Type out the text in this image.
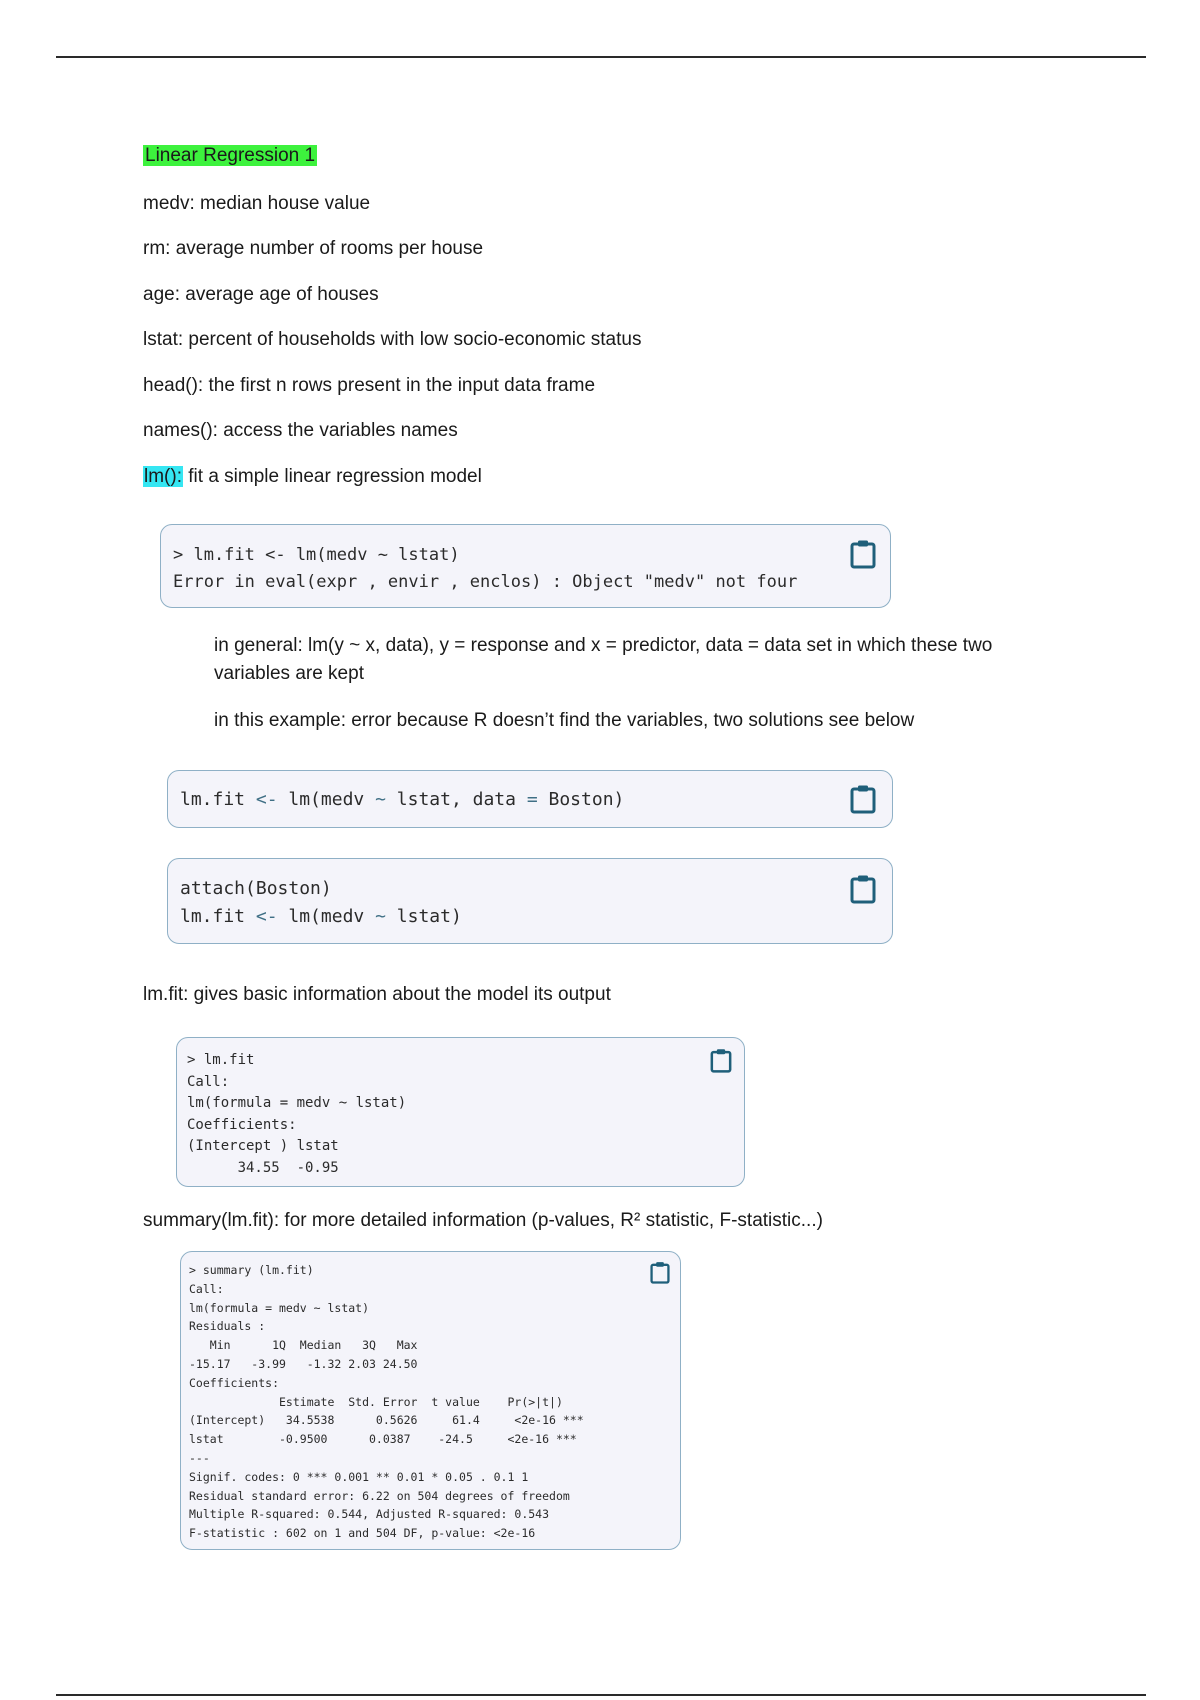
Linear Regression 1
medv: median house value
rm: average number of rooms per house
age: average age of houses
lstat: percent of households with low socio-economic status
head(): the first n rows present in the input data frame
names(): access the variables names
lm(): fit a simple linear regression model
> lm.fit <- lm(medv ~ lstat)
Error in eval(expr , envir , enclos) : Object "medv" not four
in general: lm(y ~ x, data), y = response and x = predictor, data = data set in which these two variables are kept
in this example: error because R doesn’t find the variables, two solutions see below
lm.fit <- lm(medv ~ lstat, data = Boston)
attach(Boston)
lm.fit <- lm(medv ~ lstat)
lm.fit: gives basic information about the model its output
> lm.fit
Call:
lm(formula = medv ~ lstat)
Coefficients:
(Intercept ) lstat
34.55  -0.95
summary(lm.fit): for more detailed information (p-values, R² statistic, F-statistic...)
> summary (lm.fit)
Call:
lm(formula = medv ~ lstat)
Residuals :
Min      1Q  Median   3Q   Max
-15.17   -3.99   -1.32 2.03 24.50
Coefficients:
Estimate  Std. Error  t value    Pr(>|t|)
(Intercept)   34.5538      0.5626     61.4     <2e-16 ***
lstat        -0.9500      0.0387    -24.5     <2e-16 ***
---
Signif. codes: 0 *** 0.001 ** 0.01 * 0.05 . 0.1 1
Residual standard error: 6.22 on 504 degrees of freedom
Multiple R-squared: 0.544, Adjusted R-squared: 0.543
F-statistic : 602 on 1 and 504 DF, p-value: <2e-16
